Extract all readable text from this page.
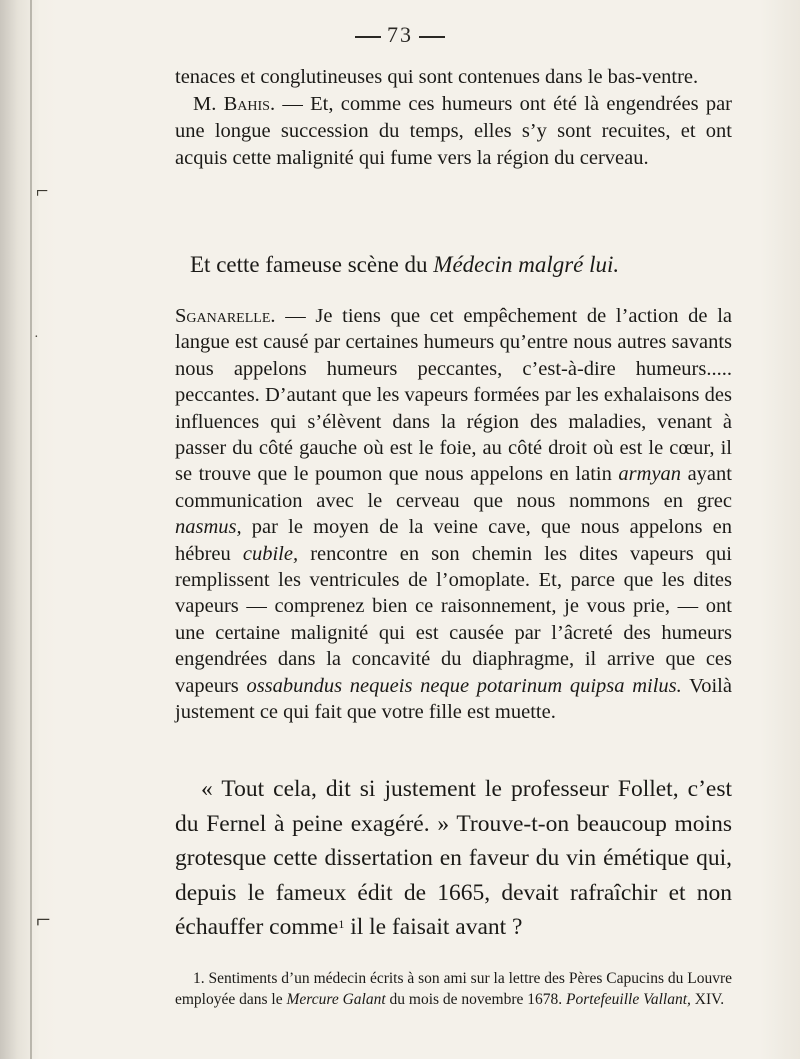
73

tenaces et conglutineuses qui sont contenues dans le bas-ventre.

M. Bahis. — Et, comme ces humeurs ont été là engendrées par une longue succession du temps, elles s’y sont recuites, et ont acquis cette malignité qui fume vers la région du cerveau.

Et cette fameuse scène du Médecin malgré lui.

Sganarelle. — Je tiens que cet empêchement de l’action de la langue est causé par certaines humeurs qu’entre nous autres savants nous appelons humeurs peccantes, c’est-à-dire humeurs..... peccantes. D’autant que les vapeurs formées par les exhalaisons des influences qui s’élèvent dans la région des maladies, venant à passer du côté gauche où est le foie, au côté droit où est le cœur, il se trouve que le poumon que nous appelons en latin armyan ayant communication avec le cerveau que nous nommons en grec nasmus, par le moyen de la veine cave, que nous appelons en hébreu cubile, rencontre en son chemin les dites vapeurs qui remplissent les ventricules de l’omoplate. Et, parce que les dites vapeurs — comprenez bien ce raisonnement, je vous prie, — ont une certaine malignité qui est causée par l’âcreté des humeurs engendrées dans la concavité du diaphragme, il arrive que ces vapeurs ossabundus nequeis neque potarinum quipsa milus. Voilà justement ce qui fait que votre fille est muette.

« Tout cela, dit si justement le professeur Follet, c’est du Fernel à peine exagéré. » Trouve-t-on beaucoup moins grotesque cette dissertation en faveur du vin émétique qui, depuis le fameux édit de 1665, devait rafraîchir et non échauffer comme$^1$ il le faisait avant ?

1. Sentiments d’un médecin écrits à son ami sur la lettre des Pères Capucins du Louvre employée dans le Mercure Galant du mois de novembre 1678. Portefeuille Vallant, XIV.

⌐
·
⌐
